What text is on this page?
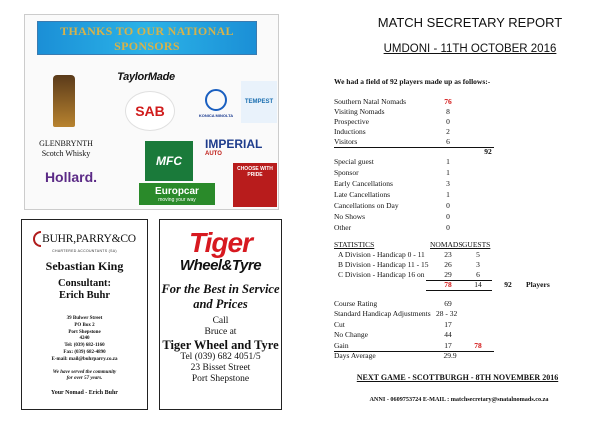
THANKS TO OUR NATIONAL SPONSORS
GLENBRYNTH
Scotch Whisky
TaylorMade
SAB	KONICA MINOLTA
TEMPEST
MFC
IMPERIAL
AUTO
Hollard.
Europcar
moving your way
CHOOSE WITH PRIDE
BUHR,PARRY&CO
CHARTERED ACCOUNTANTS (SA)
Sebastian King
Consultant:
Erich Buhr
39 Bulwer Street
PO Box 2
Port Shepstone
4240
Tel: (039) 682-1160
Fax: (039) 682-4890
E-mail: mail@buhrparry.co.za
We have served the community
for over 57 years.
Your Nomad - Erich Buhr
Tiger
Wheel&Tyre
For the Best in Service
and Prices
Call
Bruce at
Tiger Wheel and Tyre
Tel (039) 682 4051/5
23 Bisset Street
Port Shepstone
MATCH SECRETARY REPORT
UMDONI - 11TH OCTOBER 2016
We had a field of 92 players made up as follows:-
Southern Natal Nomads	76
Visiting Nomads	8
Prospective	0
Inductions	2
Visitors	6
92
Special guest	1
Sponsor	1
Early Cancellations	3
Late Cancellations	1
Cancellations on Day	0
No Shows	0
Other	0
STATISTICS	NOMADS GUESTS
A Division - Handicap 0 - 11	23	5
B Division - Handicap 11 - 15	26	3
C Division - Handicap 16 on	29	6
78	14	92	Players
Course Rating	69
Standard Handicap Adjustments 28 - 32
Cut	17
No Change	44
Gain	17	78
Days Average	29.9
NEXT GAME - SCOTTBURGH - 8TH NOVEMBER 2016
ANNI - 0609753724 E-MAIL : matchsecretary@snatalnomads.co.za
